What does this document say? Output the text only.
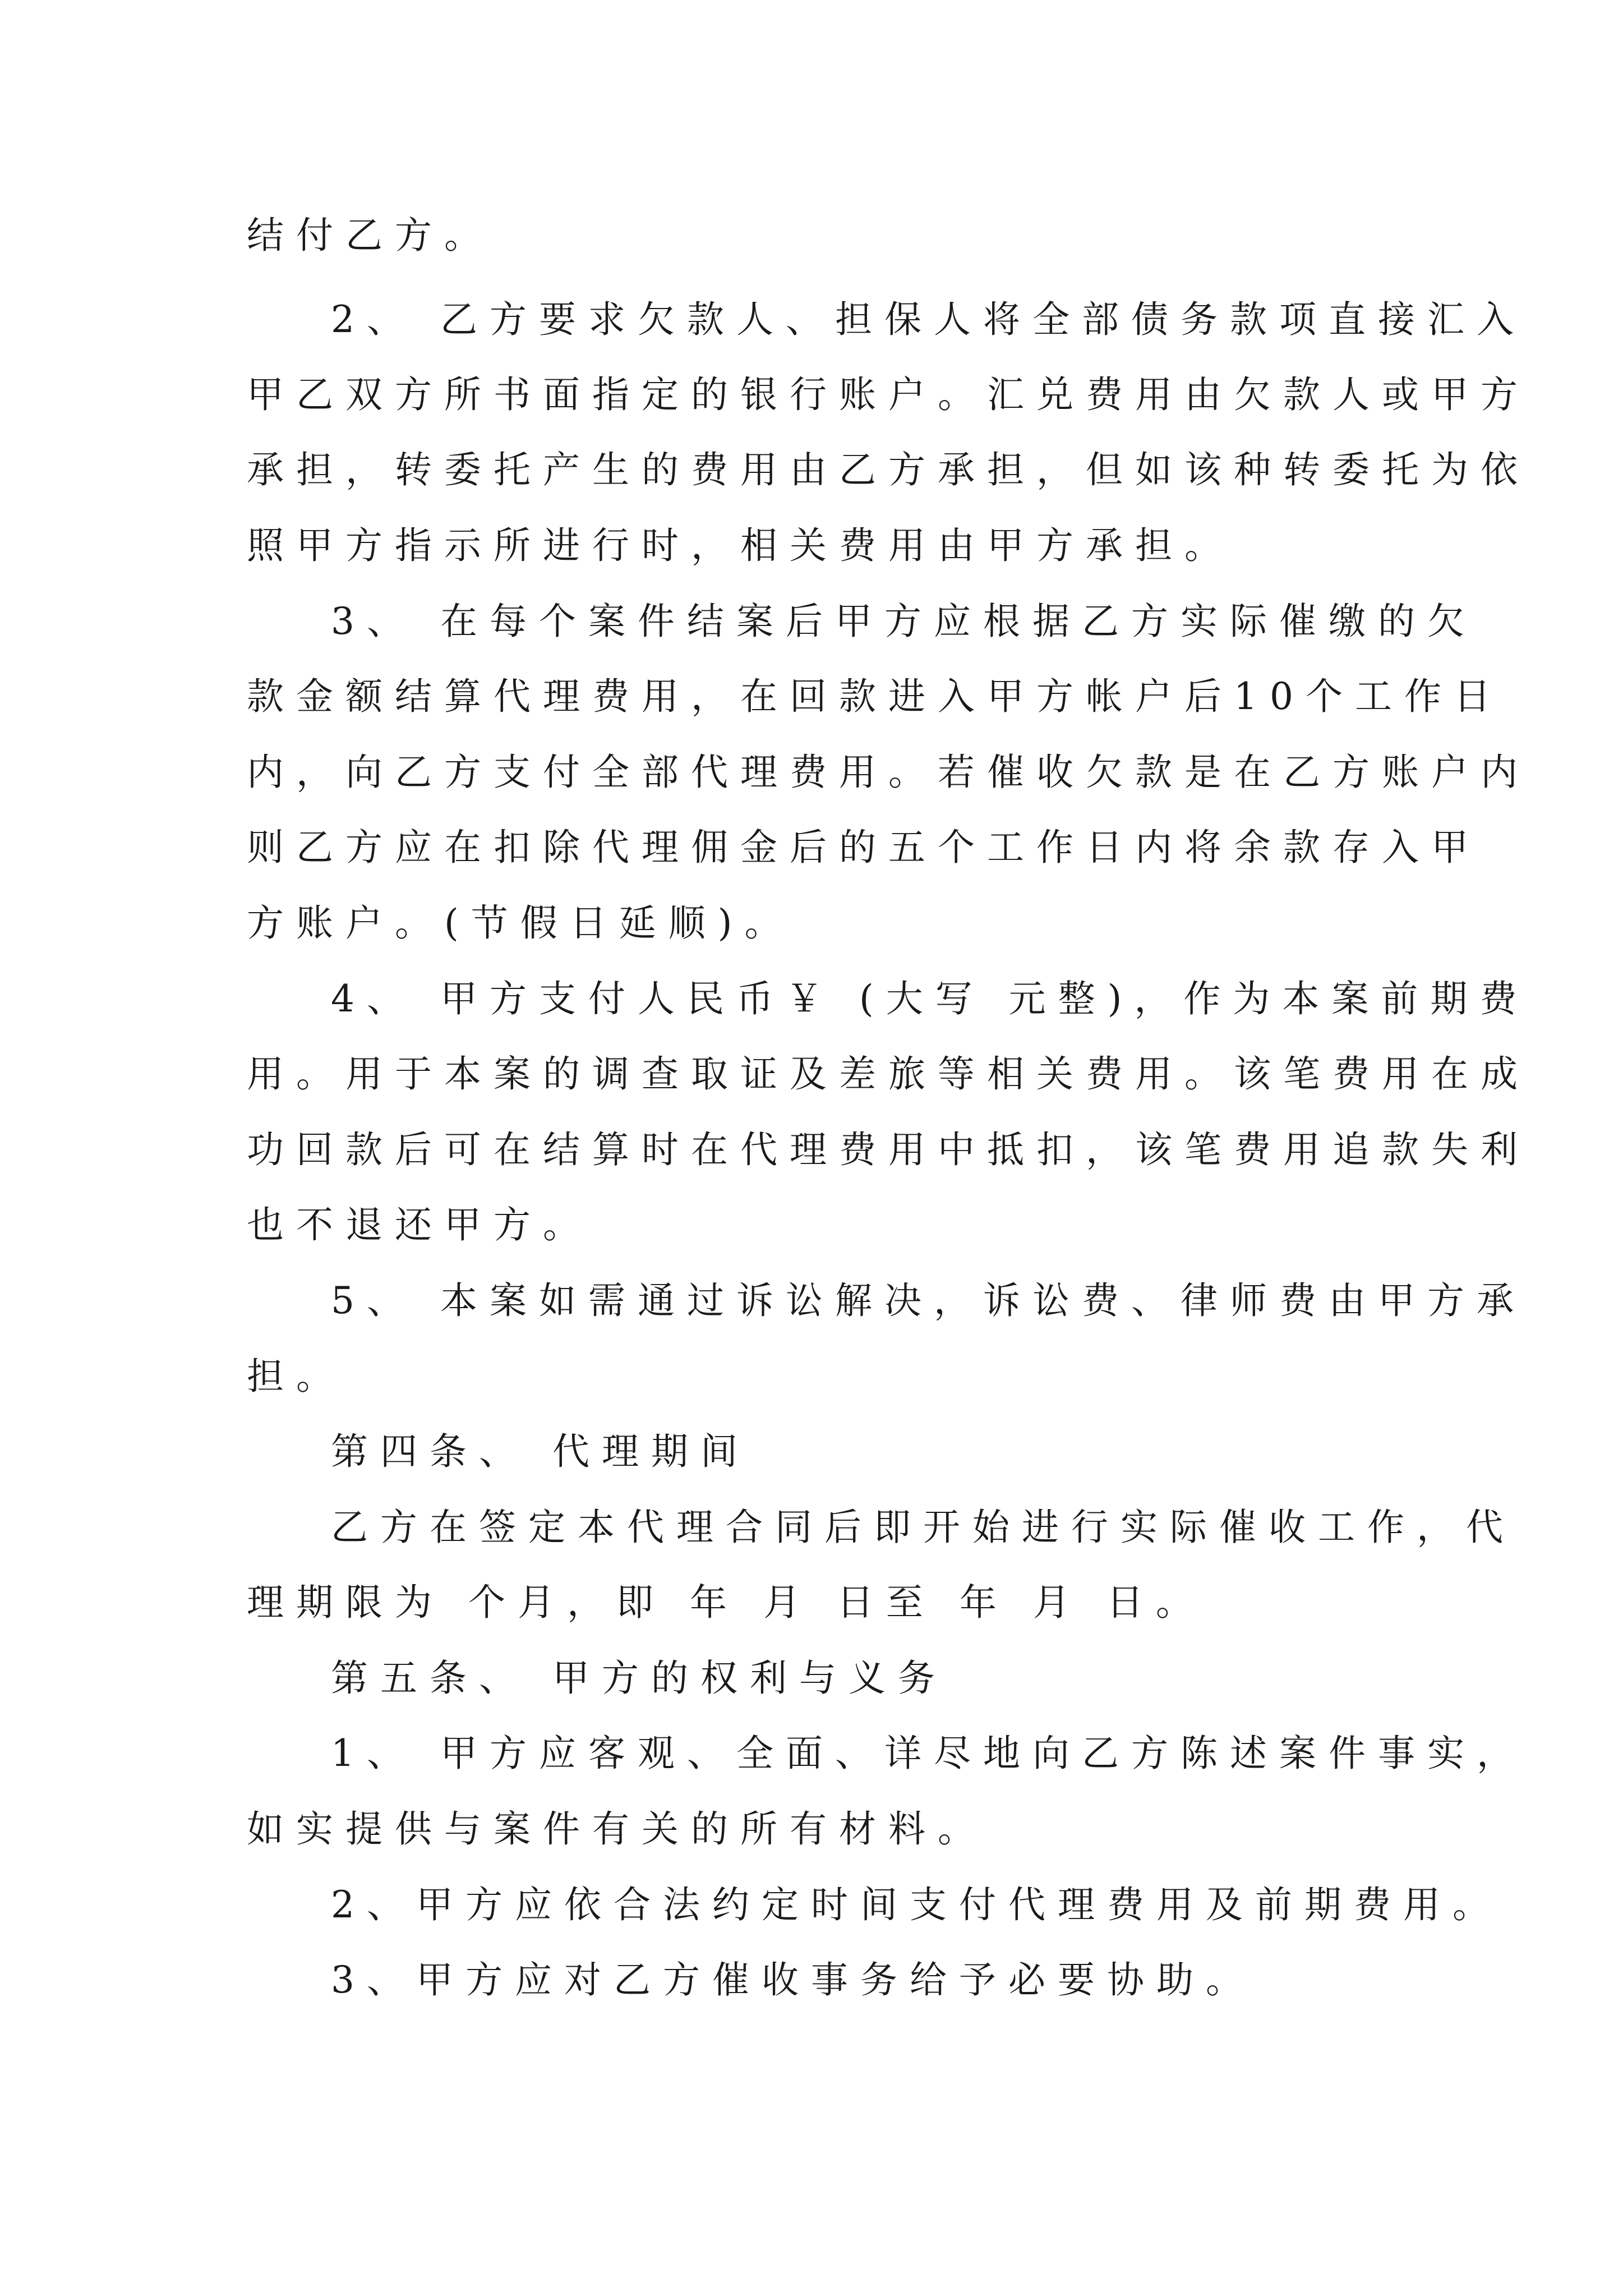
结付乙方。
2、 乙方要求欠款人、担保人将全部债务款项直接汇入
甲乙双方所书面指定的银行账户。汇兑费用由欠款人或甲方
承担，转委托产生的费用由乙方承担，但如该种转委托为依
照甲方指示所进行时，相关费用由甲方承担。
3、 在每个案件结案后甲方应根据乙方实际催缴的欠
款金额结算代理费用，在回款进入甲方帐户后10个工作日
内，向乙方支付全部代理费用。若催收欠款是在乙方账户内
则乙方应在扣除代理佣金后的五个工作日内将余款存入甲
方账户。(节假日延顺)。
4、 甲方支付人民币￥ (大写 元整)，作为本案前期费
用。用于本案的调查取证及差旅等相关费用。该笔费用在成
功回款后可在结算时在代理费用中抵扣，该笔费用追款失利
也不退还甲方。
5、 本案如需通过诉讼解决，诉讼费、律师费由甲方承
担。
第四条、 代理期间
乙方在签定本代理合同后即开始进行实际催收工作，代
理期限为 个月，即 年 月 日至 年 月 日。
第五条、 甲方的权利与义务
1、 甲方应客观、全面、详尽地向乙方陈述案件事实，
如实提供与案件有关的所有材料。
2、甲方应依合法约定时间支付代理费用及前期费用。
3、甲方应对乙方催收事务给予必要协助。
